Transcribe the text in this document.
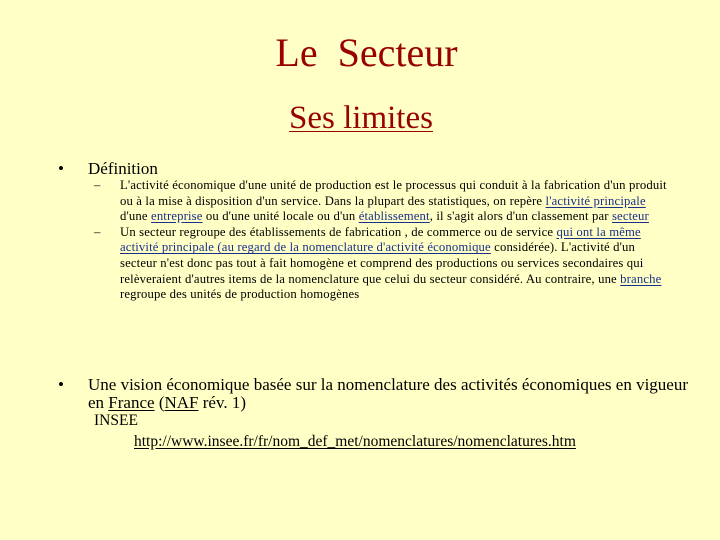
Le  Secteur
Ses limites
• Définition
– L'activité économique d'une unité de production est le processus qui conduit à la fabrication d'un produit ou à la mise à disposition d'un service. Dans la plupart des statistiques, on repère l'activité principale d'une entreprise ou d'une unité locale ou d'un établissement, il s'agit alors d'un classement par secteur
– Un secteur regroupe des établissements de fabrication , de commerce ou de service qui ont la même activité principale (au regard de la nomenclature d'activité économique considérée). L'activité d'un secteur n'est donc pas tout à fait homogène et comprend des productions ou services secondaires qui relèveraient d'autres items de la nomenclature que celui du secteur considéré. Au contraire, une branche regroupe des unités de production homogènes
• Une vision économique basée sur la nomenclature des activités économiques en vigueur en France (NAF rév. 1)
INSEE
http://www.insee.fr/fr/nom_def_met/nomenclatures/nomenclatures.htm
